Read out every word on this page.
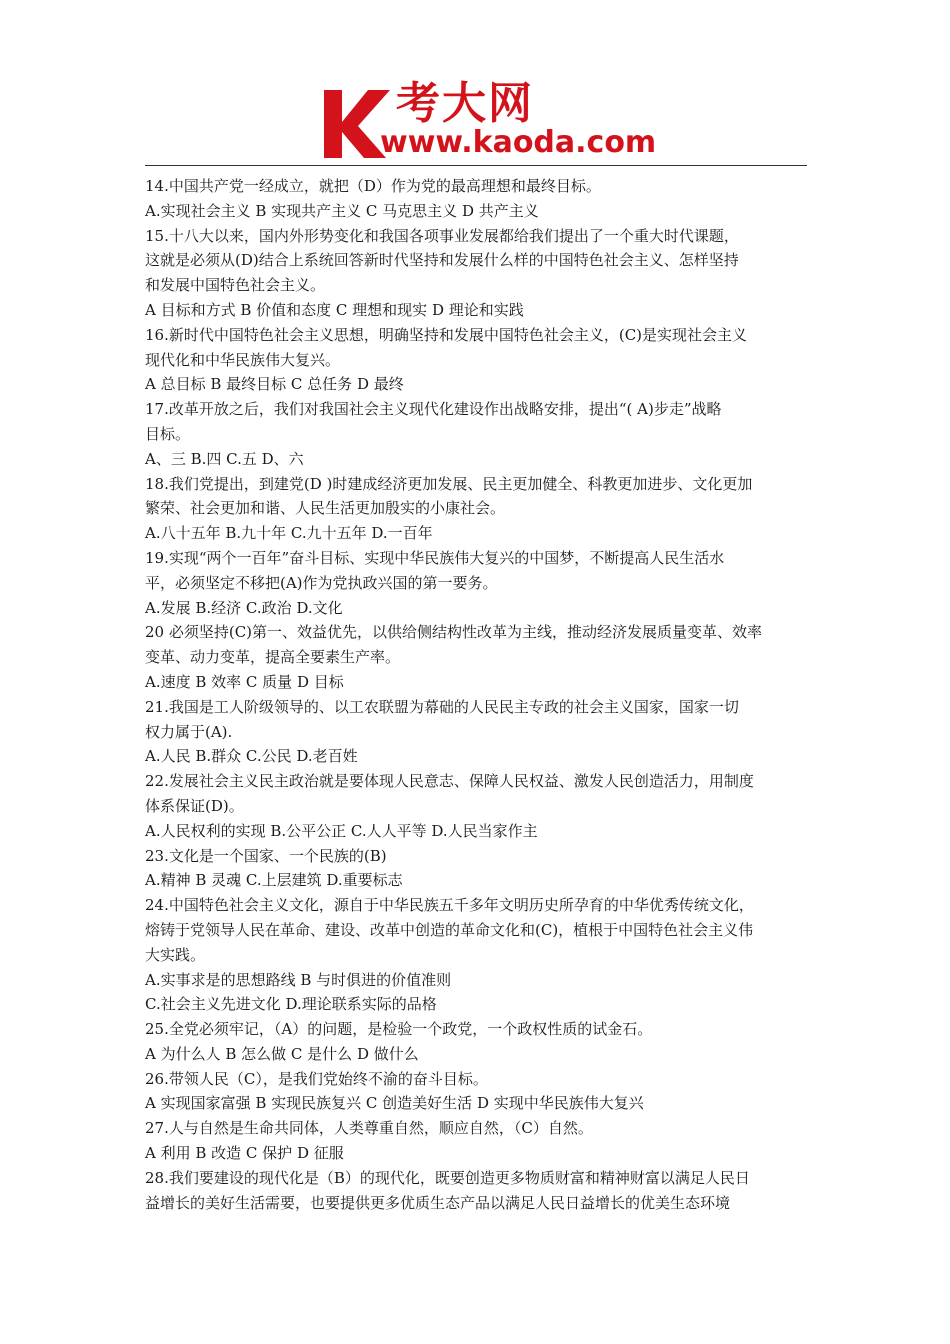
考大网
www.kaoda.com
14.中国共产党一经成立，就把（D）作为党的最高理想和最终目标。
A.实现社会主义 B 实现共产主义 C 马克思主义 D 共产主义
15.十八大以来，国内外形势变化和我国各项事业发展都给我们提出了一个重大时代课题，
这就是必须从(D)结合上系统回答新时代坚持和发展什么样的中国特色社会主义、怎样坚持
和发展中国特色社会主义。
A 目标和方式 B 价值和态度 C 理想和现实 D 理论和实践
16.新时代中国特色社会主义思想，明确坚持和发展中国特色社会主义，(C)是实现社会主义
现代化和中华民族伟大复兴。
A 总目标 B 最终目标 C 总任务 D 最终
17.改革开放之后，我们对我国社会主义现代化建设作出战略安排，提出“( A)步走”战略
目标。
A、三 B.四 C.五 D、六
18.我们党提出，到建党(D )时建成经济更加发展、民主更加健全、科教更加进步、文化更加
繁荣、社会更加和谐、人民生活更加殷实的小康社会。
A.八十五年 B.九十年 C.九十五年 D.一百年
19.实现“两个一百年”奋斗目标、实现中华民族伟大复兴的中国梦，不断提高人民生活水
平，必须坚定不移把(A)作为党执政兴国的第一要务。
A.发展 B.经济 C.政治 D.文化
20 必须坚持(C)第一、效益优先，以供给侧结构性改革为主线，推动经济发展质量变革、效率
变革、动力变革，提高全要素生产率。
A.速度 B 效率 C 质量 D 目标
21.我国是工人阶级领导的、以工农联盟为幕础的人民民主专政的社会主义国家，国家一切
权力属于(A).
A.人民 B.群众 C.公民 D.老百姓
22.发展社会主义民主政治就是要体现人民意志、保障人民权益、激发人民创造活力，用制度
体系保证(D)。
A.人民权利的实现 B.公平公正 C.人人平等 D.人民当家作主
23.文化是一个国家、一个民族的(B)
A.精神 B 灵魂 C.上层建筑 D.重要标志
24.中国特色社会主义文化，源自于中华民族五千多年文明历史所孕育的中华优秀传统文化，
熔铸于党领导人民在革命、建设、改革中创造的革命文化和(C)，植根于中国特色社会主义伟
大实践。
A.实事求是的思想路线 B 与时俱进的价值准则
C.社会主义先进文化 D.理论联系实际的品格
25.全党必须牢记，（A）的问题，是检验一个政党，一个政权性质的试金石。
A 为什么人 B 怎么做 C 是什么 D 做什么
26.带领人民（C），是我们党始终不渝的奋斗目标。
A 实现国家富强 B 实现民族复兴 C 创造美好生活 D 实现中华民族伟大复兴
27.人与自然是生命共同体，人类尊重自然，顺应自然，（C）自然。
A 利用 B 改造 C 保护 D 征服
28.我们要建设的现代化是（B）的现代化，既要创造更多物质财富和精神财富以满足人民日
益增长的美好生活需要，也要提供更多优质生态产品以满足人民日益增长的优美生态环境
